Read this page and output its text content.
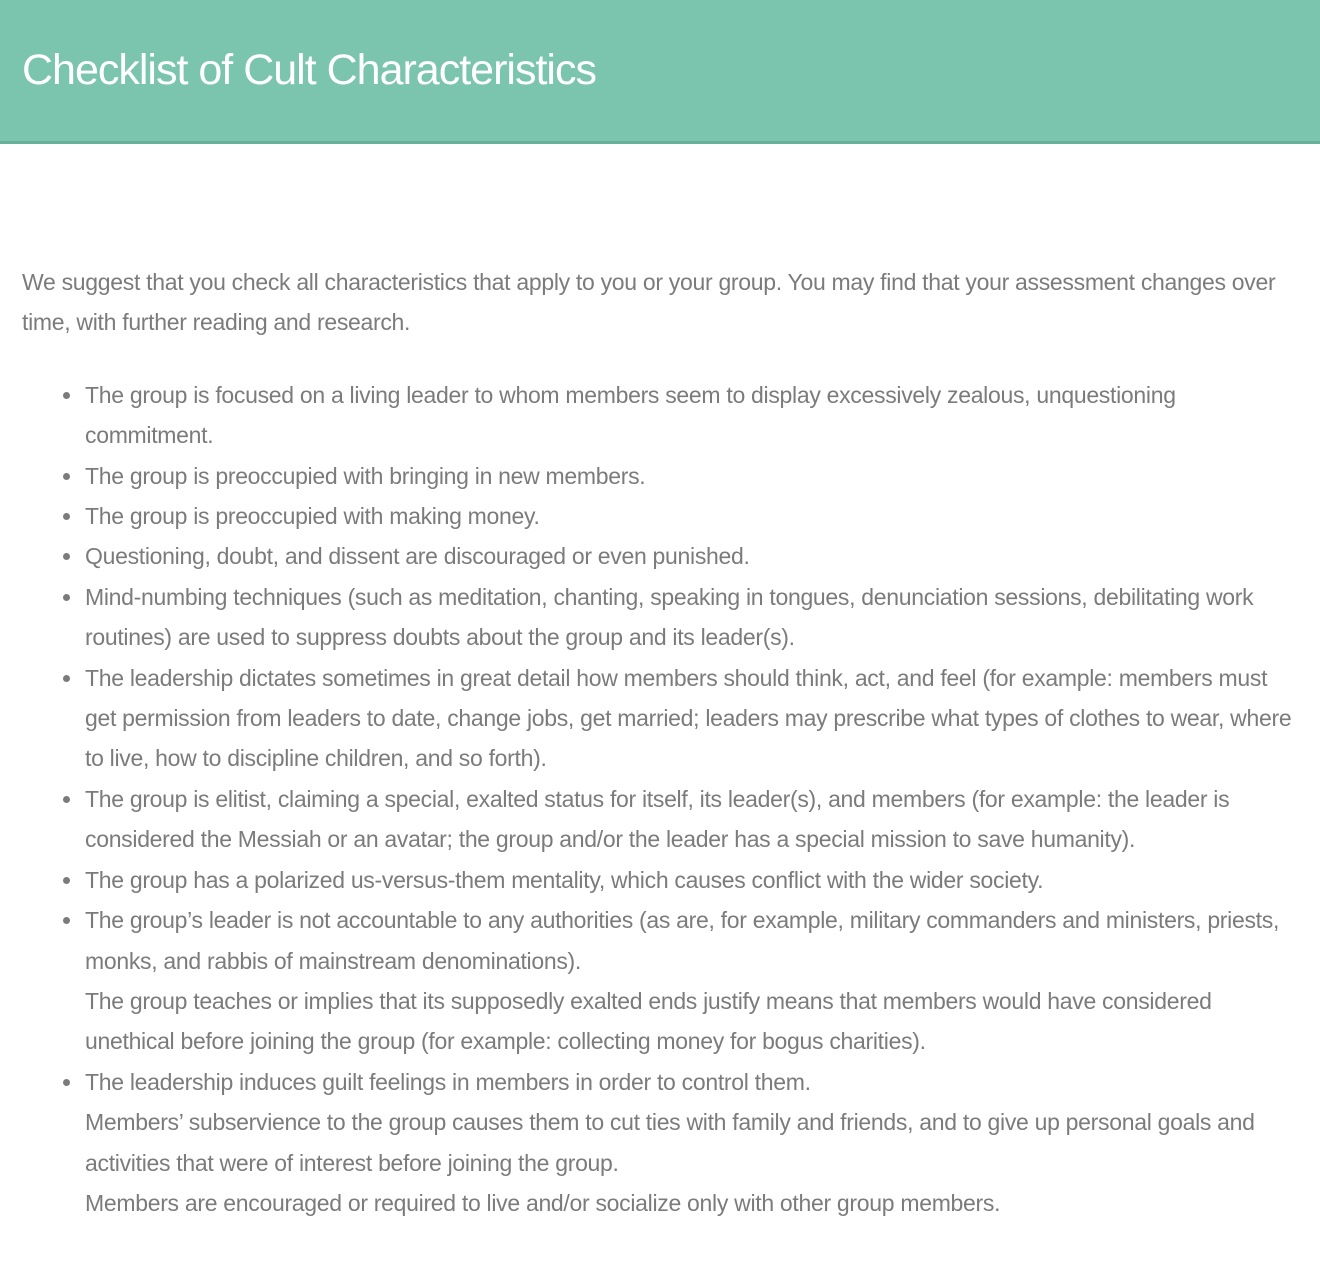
Checklist of Cult Characteristics

We suggest that you check all characteristics that apply to you or your group. You may find that your assessment changes over time, with further reading and research.

The group is focused on a living leader to whom members seem to display excessively zealous, unquestioning commitment.
The group is preoccupied with bringing in new members.
The group is preoccupied with making money.
Questioning, doubt, and dissent are discouraged or even punished.
Mind-numbing techniques (such as meditation, chanting, speaking in tongues, denunciation sessions, debilitating work routines) are used to suppress doubts about the group and its leader(s).
The leadership dictates sometimes in great detail how members should think, act, and feel (for example: members must get permission from leaders to date, change jobs, get married; leaders may prescribe what types of clothes to wear, where to live, how to discipline children, and so forth).
The group is elitist, claiming a special, exalted status for itself, its leader(s), and members (for example: the leader is considered the Messiah or an avatar; the group and/or the leader has a special mission to save humanity).
The group has a polarized us-versus-them mentality, which causes conflict with the wider society.
The group’s leader is not accountable to any authorities (as are, for example, military commanders and ministers, priests, monks, and rabbis of mainstream denominations).
The group teaches or implies that its supposedly exalted ends justify means that members would have considered unethical before joining the group (for example: collecting money for bogus charities).
The leadership induces guilt feelings in members in order to control them.
Members’ subservience to the group causes them to cut ties with family and friends, and to give up personal goals and activities that were of interest before joining the group.
Members are encouraged or required to live and/or socialize only with other group members.
